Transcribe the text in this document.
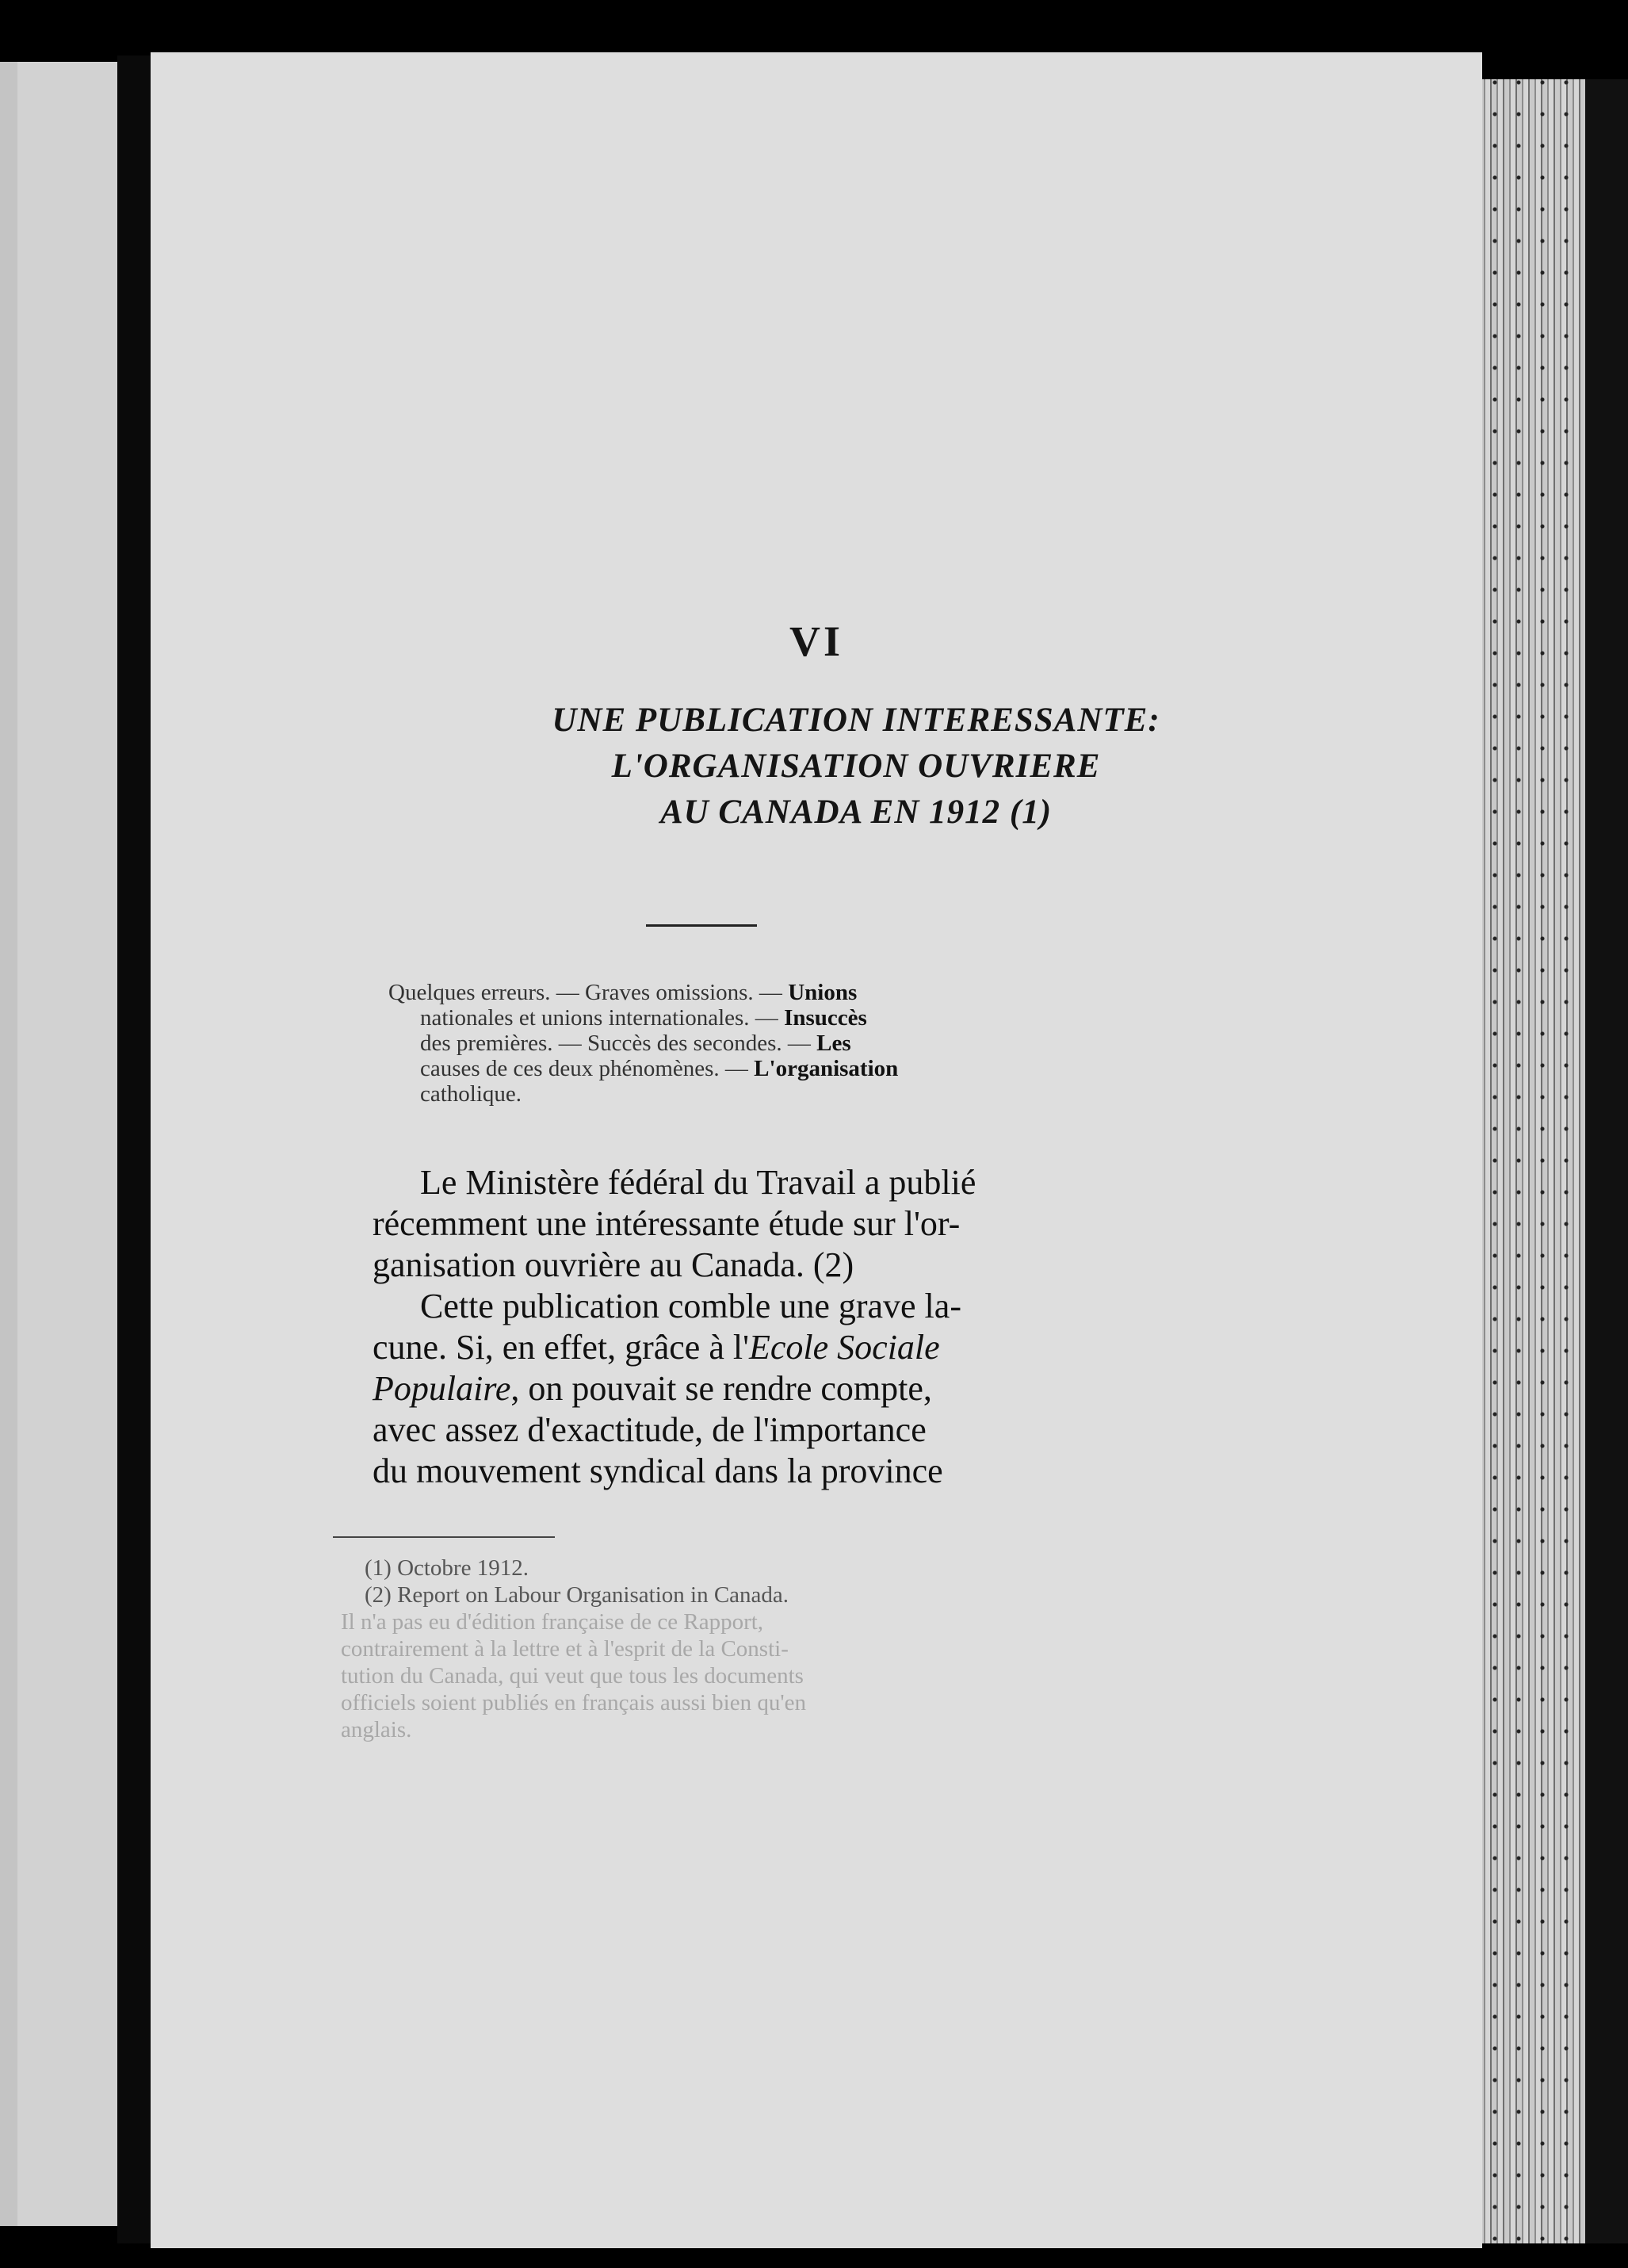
VI
UNE PUBLICATION INTERESSANTE:
L'ORGANISATION OUVRIERE
AU CANADA EN 1912 (1)
Quelques erreurs. — Graves omissions. — Unions
nationales et unions internationales. — Insuccès
des premières. — Succès des secondes. — Les
causes de ces deux phénomènes. — L'organisation
catholique.
Le Ministère fédéral du Travail a publié
récemment une intéressante étude sur l'or-
ganisation ouvrière au Canada. (2)
Cette publication comble une grave la-
cune. Si, en effet, grâce à l'Ecole Sociale
Populaire, on pouvait se rendre compte,
avec assez d'exactitude, de l'importance
du mouvement syndical dans la province
(1) Octobre 1912.
(2) Report on Labour Organisation in Canada.
Il n'a pas eu d'édition française de ce Rapport,
contrairement à la lettre et à l'esprit de la Consti-
tution du Canada, qui veut que tous les documents
officiels soient publiés en français aussi bien qu'en
anglais.
